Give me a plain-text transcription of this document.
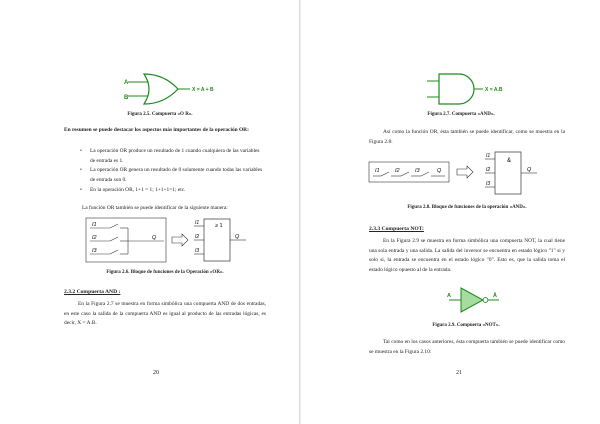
A
B
X = A + B
Figura 2.5. Compuerta «O R».
En resumen se puede destacar los aspectos más importantes de la operación OR:
• La operación OR produce un resultado de 1 cuando cualquiera de las variables de entrada es 1.
• La operación OR genera un resultado de 0 solamente cuando todas las variables de entrada son 0.
• En la operación OR, 1+1 = 1; 1+1+1=1; etc.
La función OR también se puede identificar de la siguiente manera:
I1
I2
I3
Q
I1
I2
I3
≥ 1
Q
Figura 2.6. Bloque de funciones de la Operación «OR».
2.3.2 Compuerta AND :
En la Figura 2.7 se muestra en forma simbólica una compuerta AND de dos entradas, en este caso la salida de la compuerta AND es igual al producto de las entradas lógicas, es decir, X = A.B.
20
X = A.B
Figura 2.7. Compuerta «AND».
Así como la función OR, ésta también se puede identificar, como se muestra en la Figura 2.8:
I1	I2	I3	Q
I1
I2
I3
&
Q
Figura 2.8. Bloque de funciones de la operación «AND».
2.3.3 Compuerta NOT:
En la Figura 2.9 se muestra en forma simbólica una compuerta NOT, la cual tiene una sola entrada y una salida. La salida del inversor se encuentra en estado lógico "1" si y solo si, la entrada se encuentra en el estado lógico "0". Esto es, que la salida toma el estado lógico opuesto al de la entrada.
A	Ā
Figura 2.9. Compuerta «NOT».
Tal como en los casos anteriores, ésta compuerta también se puede identificar como se muestra en la Figura 2.10:
21
